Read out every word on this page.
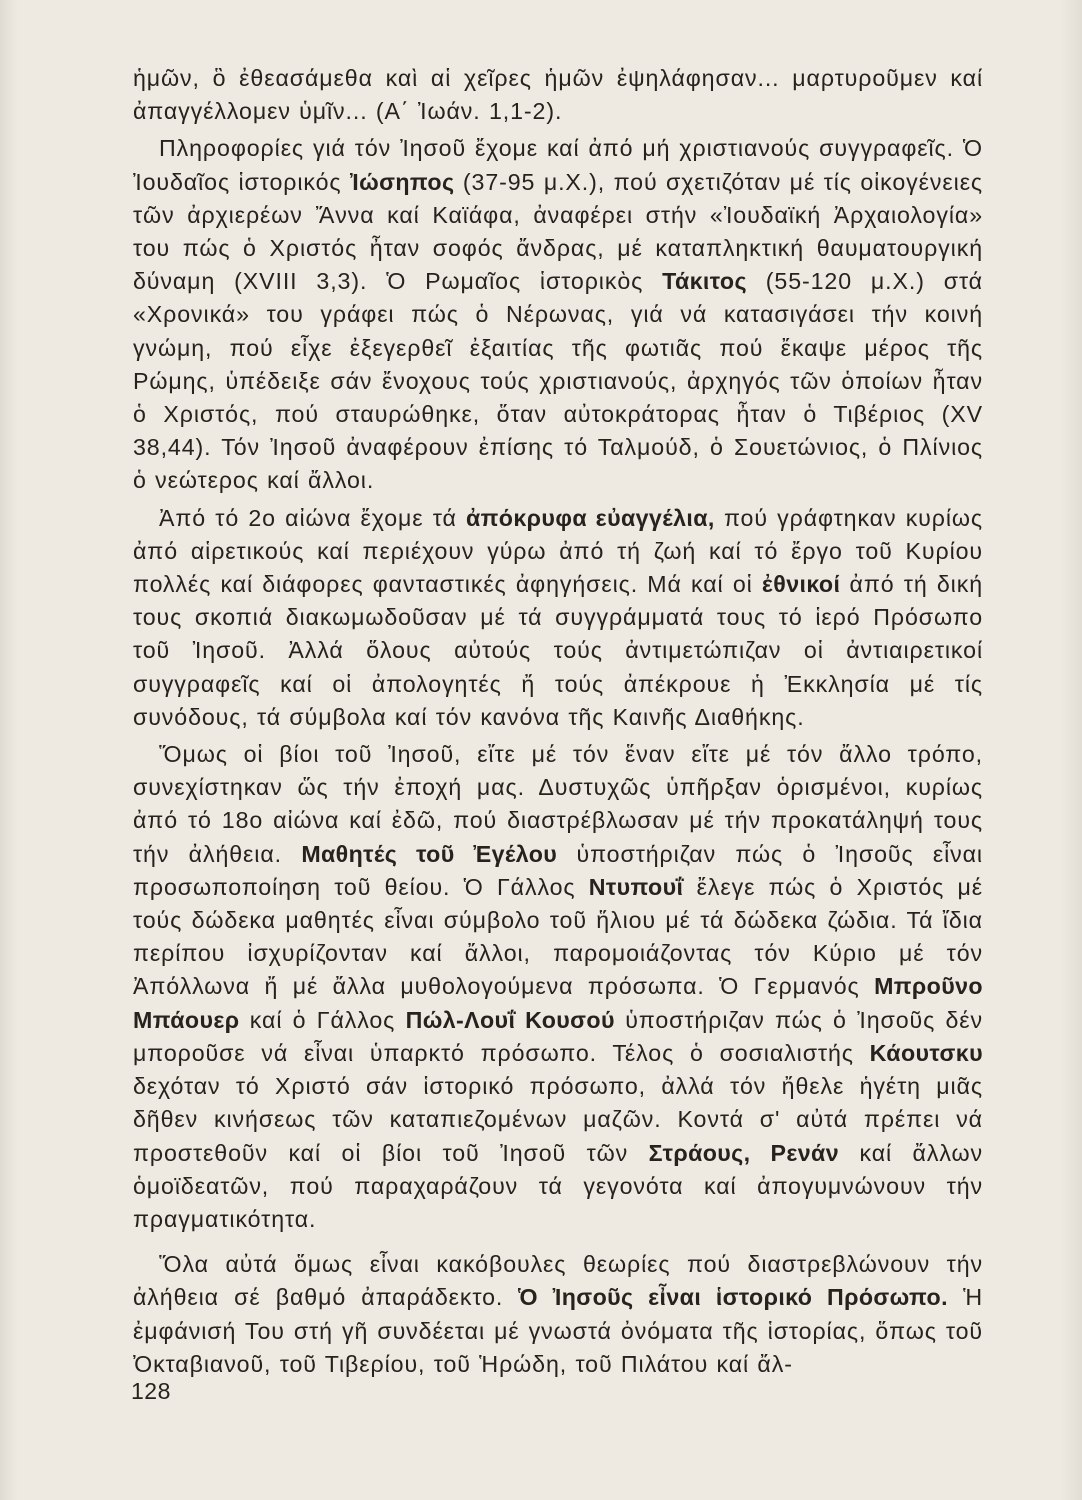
ἡμῶν, ὃ ἐθεασάμεθα καὶ αἱ χεῖρες ἡμῶν ἐψηλάφησαν... μαρτυροῦμεν καί ἀπαγγέλλομεν ὑμῖν... (Α΄ Ἰωάν. 1,1-2).

Πληροφορίες γιά τόν Ἰησοῦ ἔχομε καί ἀπό μή χριστιανούς συγγραφεῖς. Ὁ Ἰουδαῖος ἱστορικός Ἰώσηπος (37-95 μ.Χ.), πού σχετιζόταν μέ τίς οἰκογένειες τῶν ἀρχιερέων Ἄννα καί Καϊάφα, ἀναφέρει στήν «Ἰουδαϊκή Ἀρχαιολογία» του πώς ὁ Χριστός ἦταν σοφός ἄνδρας, μέ καταπληκτική θαυματουργική δύναμη (XVIII 3,3). Ὁ Ρωμαῖος ἱστορικὸς Τάκιτος (55-120 μ.Χ.) στά «Χρονικά» του γράφει πώς ὁ Νέρωνας, γιά νά κατασιγάσει τήν κοινή γνώμη, πού εἶχε ἐξεγερθεῖ ἐξαιτίας τῆς φωτιᾶς πού ἔκαψε μέρος τῆς Ρώμης, ὑπέδειξε σάν ἔνοχους τούς χριστιανούς, ἀρχηγός τῶν ὁποίων ἦταν ὁ Χριστός, πού σταυρώθηκε, ὅταν αὐτοκράτορας ἦταν ὁ Τιβέριος (XV 38,44). Τόν Ἰησοῦ ἀναφέρουν ἐπίσης τό Ταλμούδ, ὁ Σουετώνιος, ὁ Πλίνιος ὁ νεώτερος καί ἄλλοι.

Ἀπό τό 2ο αἰώνα ἔχομε τά ἀπόκρυφα εὐαγγέλια, πού γράφτηκαν κυρίως ἀπό αἱρετικούς καί περιέχουν γύρω ἀπό τή ζωή καί τό ἔργο τοῦ Κυρίου πολλές καί διάφορες φανταστικές ἀφηγήσεις. Μά καί οἱ ἐθνικοί ἀπό τή δική τους σκοπιά διακωμωδοῦσαν μέ τά συγγράμματά τους τό ἱερό Πρόσωπο τοῦ Ἰησοῦ. Ἀλλά ὅλους αὐτούς τούς ἀντιμετώπιζαν οἱ ἀντιαιρετικοί συγγραφεῖς καί οἱ ἀπολογητές ἤ τούς ἀπέκρουε ἡ Ἐκκλησία μέ τίς συνόδους, τά σύμβολα καί τόν κανόνα τῆς Καινῆς Διαθήκης.

Ὅμως οἱ βίοι τοῦ Ἰησοῦ, εἴτε μέ τόν ἕναν εἴτε μέ τόν ἄλλο τρόπο, συνεχίστηκαν ὥς τήν ἐποχή μας. Δυστυχῶς ὑπῆρξαν ὁρισμένοι, κυρίως ἀπό τό 18ο αἰώνα καί ἐδῶ, πού διαστρέβλωσαν μέ τήν προκατάληψή τους τήν ἀλήθεια. Μαθητές τοῦ Ἐγέλου ὑποστήριζαν πώς ὁ Ἰησοῦς εἶναι προσωποποίηση τοῦ θείου. Ὁ Γάλλος Ντυπουΐ ἔλεγε πώς ὁ Χριστός μέ τούς δώδεκα μαθητές εἶναι σύμβολο τοῦ ἥλιου μέ τά δώδεκα ζώδια. Τά ἴδια περίπου ἰσχυρίζονταν καί ἄλλοι, παρομοιάζοντας τόν Κύριο μέ τόν Ἀπόλλωνα ἤ μέ ἄλλα μυθολογούμενα πρόσωπα. Ὁ Γερμανός Μπροῦνο Μπάουερ καί ὁ Γάλλος Πώλ-Λουΐ Κουσού ὑποστήριζαν πώς ὁ Ἰησοῦς δέν μποροῦσε νά εἶναι ὑπαρκτό πρόσωπο. Τέλος ὁ σοσιαλιστής Κάουτσκυ δεχόταν τό Χριστό σάν ἱστορικό πρόσωπο, ἀλλά τόν ἤθελε ἡγέτη μιᾶς δῆθεν κινήσεως τῶν καταπιεζομένων μαζῶν. Κοντά σ' αὐτά πρέπει νά προστεθοῦν καί οἱ βίοι τοῦ Ἰησοῦ τῶν Στράους, Ρενάν καί ἄλλων ὁμοϊδεατῶν, πού παραχαράζουν τά γεγονότα καί ἀπογυμνώνουν τήν πραγματικότητα.

Ὅλα αὐτά ὅμως εἶναι κακόβουλες θεωρίες πού διαστρεβλώνουν τήν ἀλήθεια σέ βαθμό ἀπαράδεκτο. Ὁ Ἰησοῦς εἶναι ἱστορικό Πρόσωπο. Ἡ ἐμφάνισή Του στή γῆ συνδέεται μέ γνωστά ὀνόματα τῆς ἱστορίας, ὅπως τοῦ Ὀκταβιανοῦ, τοῦ Τιβερίου, τοῦ Ἡρώδη, τοῦ Πιλάτου καί ἄλ-

128
